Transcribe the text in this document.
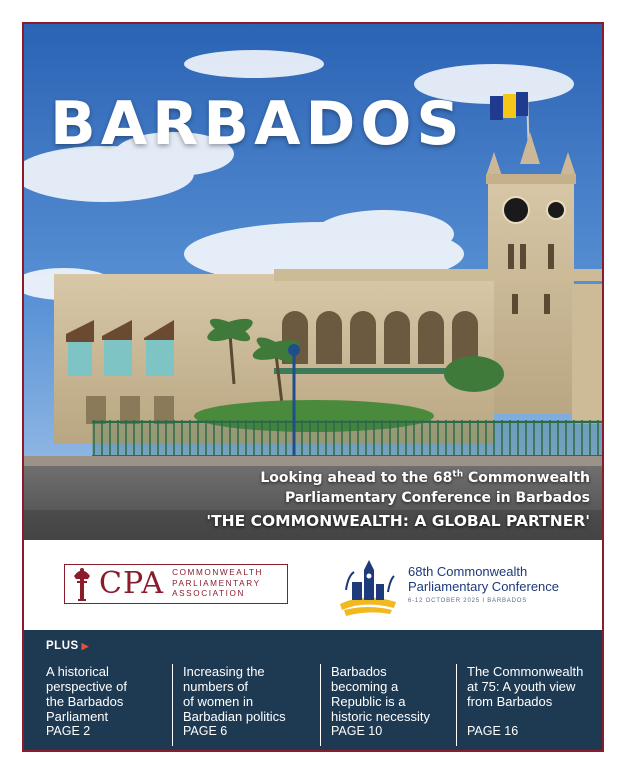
BARBADOS
Looking ahead to the 68th Commonwealth
Parliamentary Conference in Barbados
'THE COMMONWEALTH: A GLOBAL PARTNER'
CPA COMMONWEALTH
PARLIAMENTARY
ASSOCIATION
68th Commonwealth
Parliamentary Conference
6-12 OCTOBER 2025 I BARBADOS
PLUS ▶
A historical
perspective of
the Barbados
Parliament
PAGE 2
Increasing the
numbers of
of women in
Barbadian politics
PAGE 6
Barbados
becoming a
Republic is a
historic necessity
PAGE 10
The Commonwealth
at 75: A youth view
from Barbados
PAGE 16
